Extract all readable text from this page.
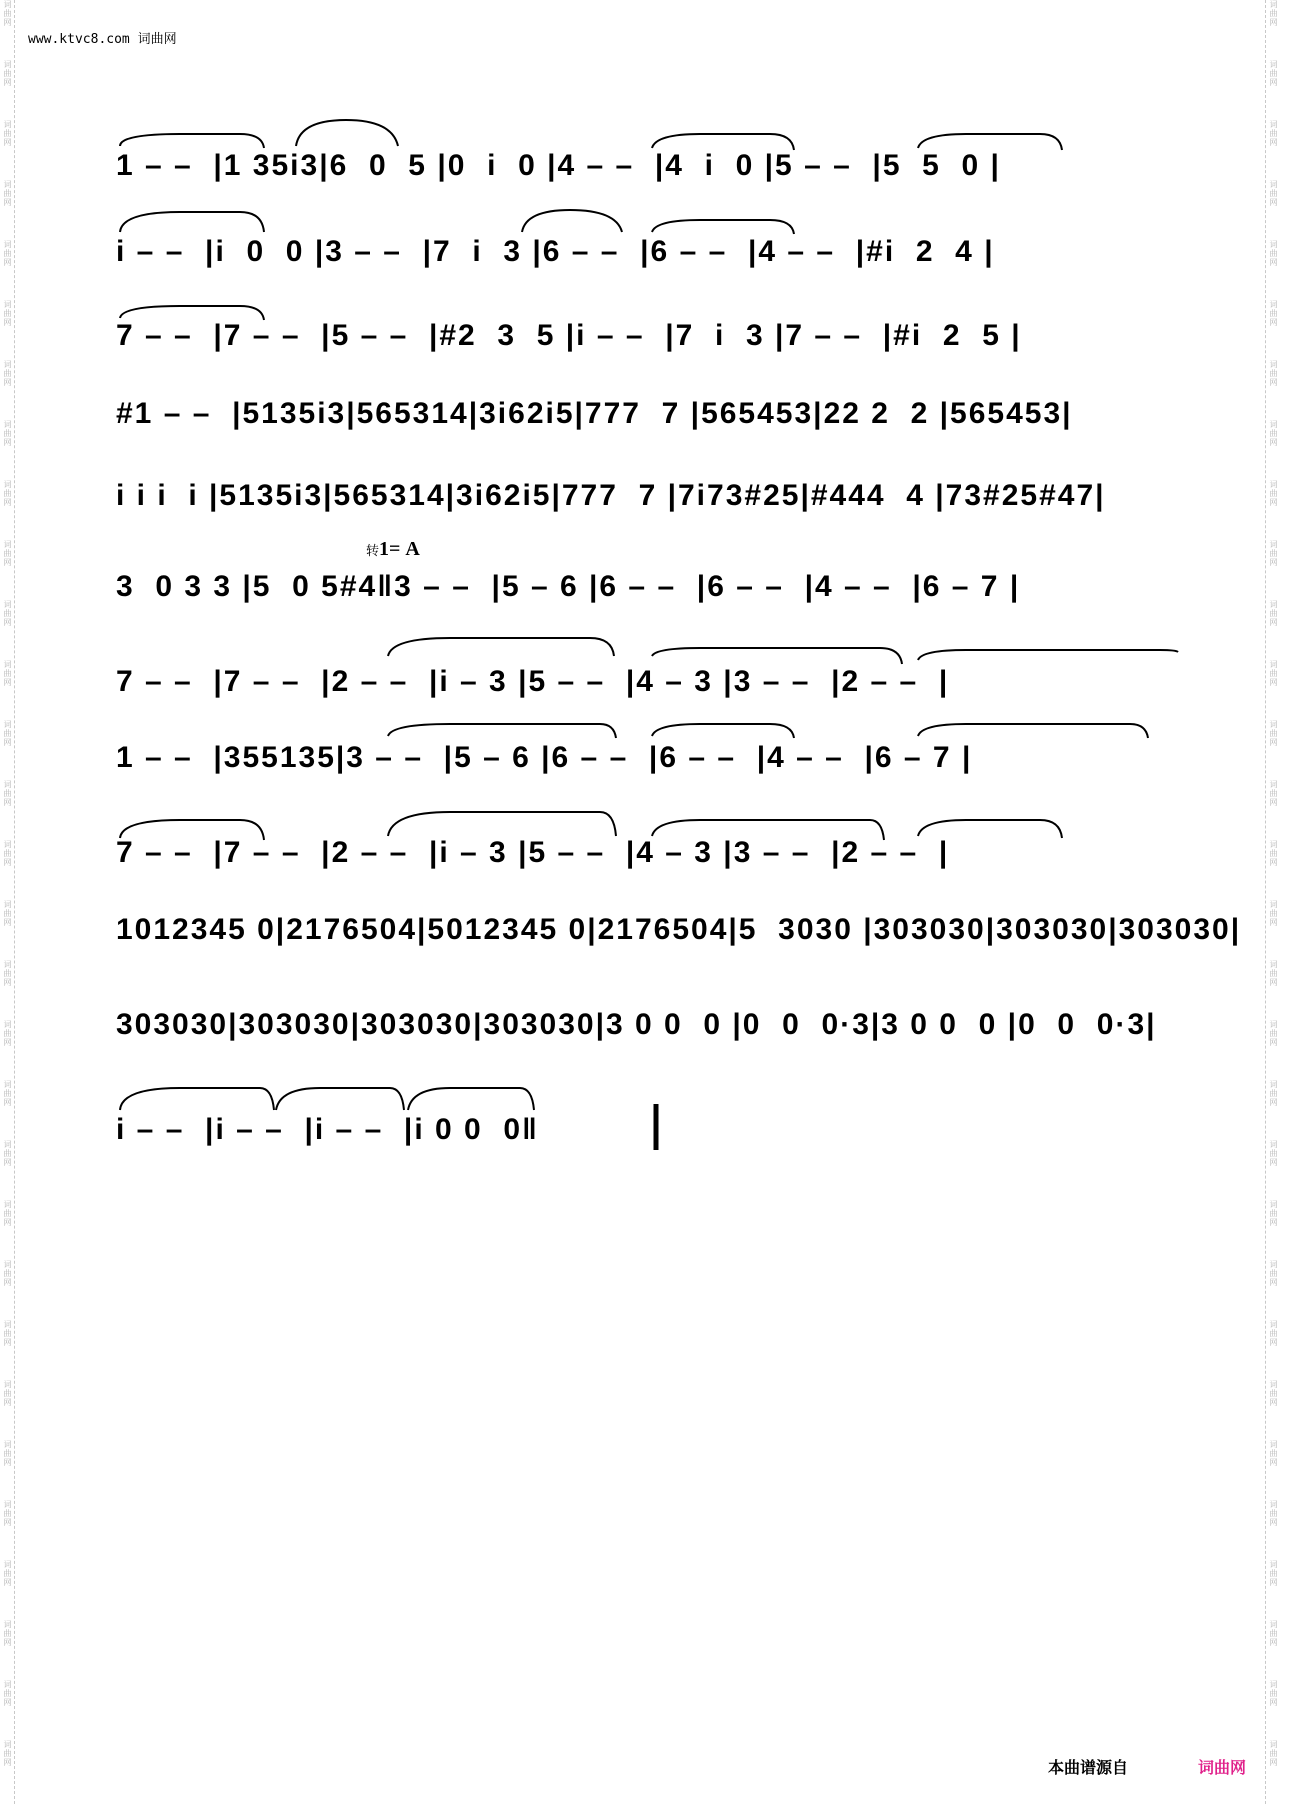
词曲网
词曲网
词曲网
词曲网
词曲网
词曲网
词曲网
词曲网
词曲网
词曲网
词曲网
词曲网
词曲网
词曲网
词曲网
词曲网
词曲网
词曲网
词曲网
词曲网
词曲网
词曲网
词曲网
词曲网
词曲网
词曲网
词曲网
词曲网
词曲网
词曲网
词曲网
词曲网
词曲网
词曲网
词曲网
词曲网
词曲网
词曲网
词曲网
词曲网
词曲网
词曲网
词曲网
词曲网
词曲网
词曲网
词曲网
词曲网
词曲网
词曲网
词曲网
词曲网
词曲网
词曲网
词曲网
词曲网
词曲网
词曲网
词曲网
词曲网
www.ktvc8.com 词曲网
1 – –  |1 35i3|6  0  5 |0  i  0 |4 – –  |4  i  0 |5 – –  |5  5  0 |
i – –  |i  0  0 |3 – –  |7  i  3 |6 – –  |6 – –  |4 – –  |#i  2  4 |
7 – –  |7 – –  |5 – –  |#2  3  5 |i – –  |7  i  3 |7 – –  |#i  2  5 |
#1 – –  |5135i3|565314|3i62i5|777  7 |565453|22 2  2 |565453|
i i i  i |5135i3|565314|3i62i5|777  7 |7i73#25|#444  4 |73#25#47|
3  0 3 3 |5  0 5#4‖3 – –  |5 – 6 |6 – –  |6 – –  |4 – –  |6 – 7 |
7 – –  |7 – –  |2 – –  |i – 3 |5 – –  |4 – 3 |3 – –  |2 – –  |
1 – –  |355135|3 – –  |5 – 6 |6 – –  |6 – –  |4 – –  |6 – 7 |
7 – –  |7 – –  |2 – –  |i – 3 |5 – –  |4 – 3 |3 – –  |2 – –  |
1012345 0|2176504|5012345 0|2176504|5  3030 |303030|303030|303030|
303030|303030|303030|303030|3 0 0  0 |0  0  0·3|3 0 0  0 |0  0  0·3|
i – –  |i – –  |i – –  |i 0 0  0‖
转1= A
本曲谱源自	词曲网
